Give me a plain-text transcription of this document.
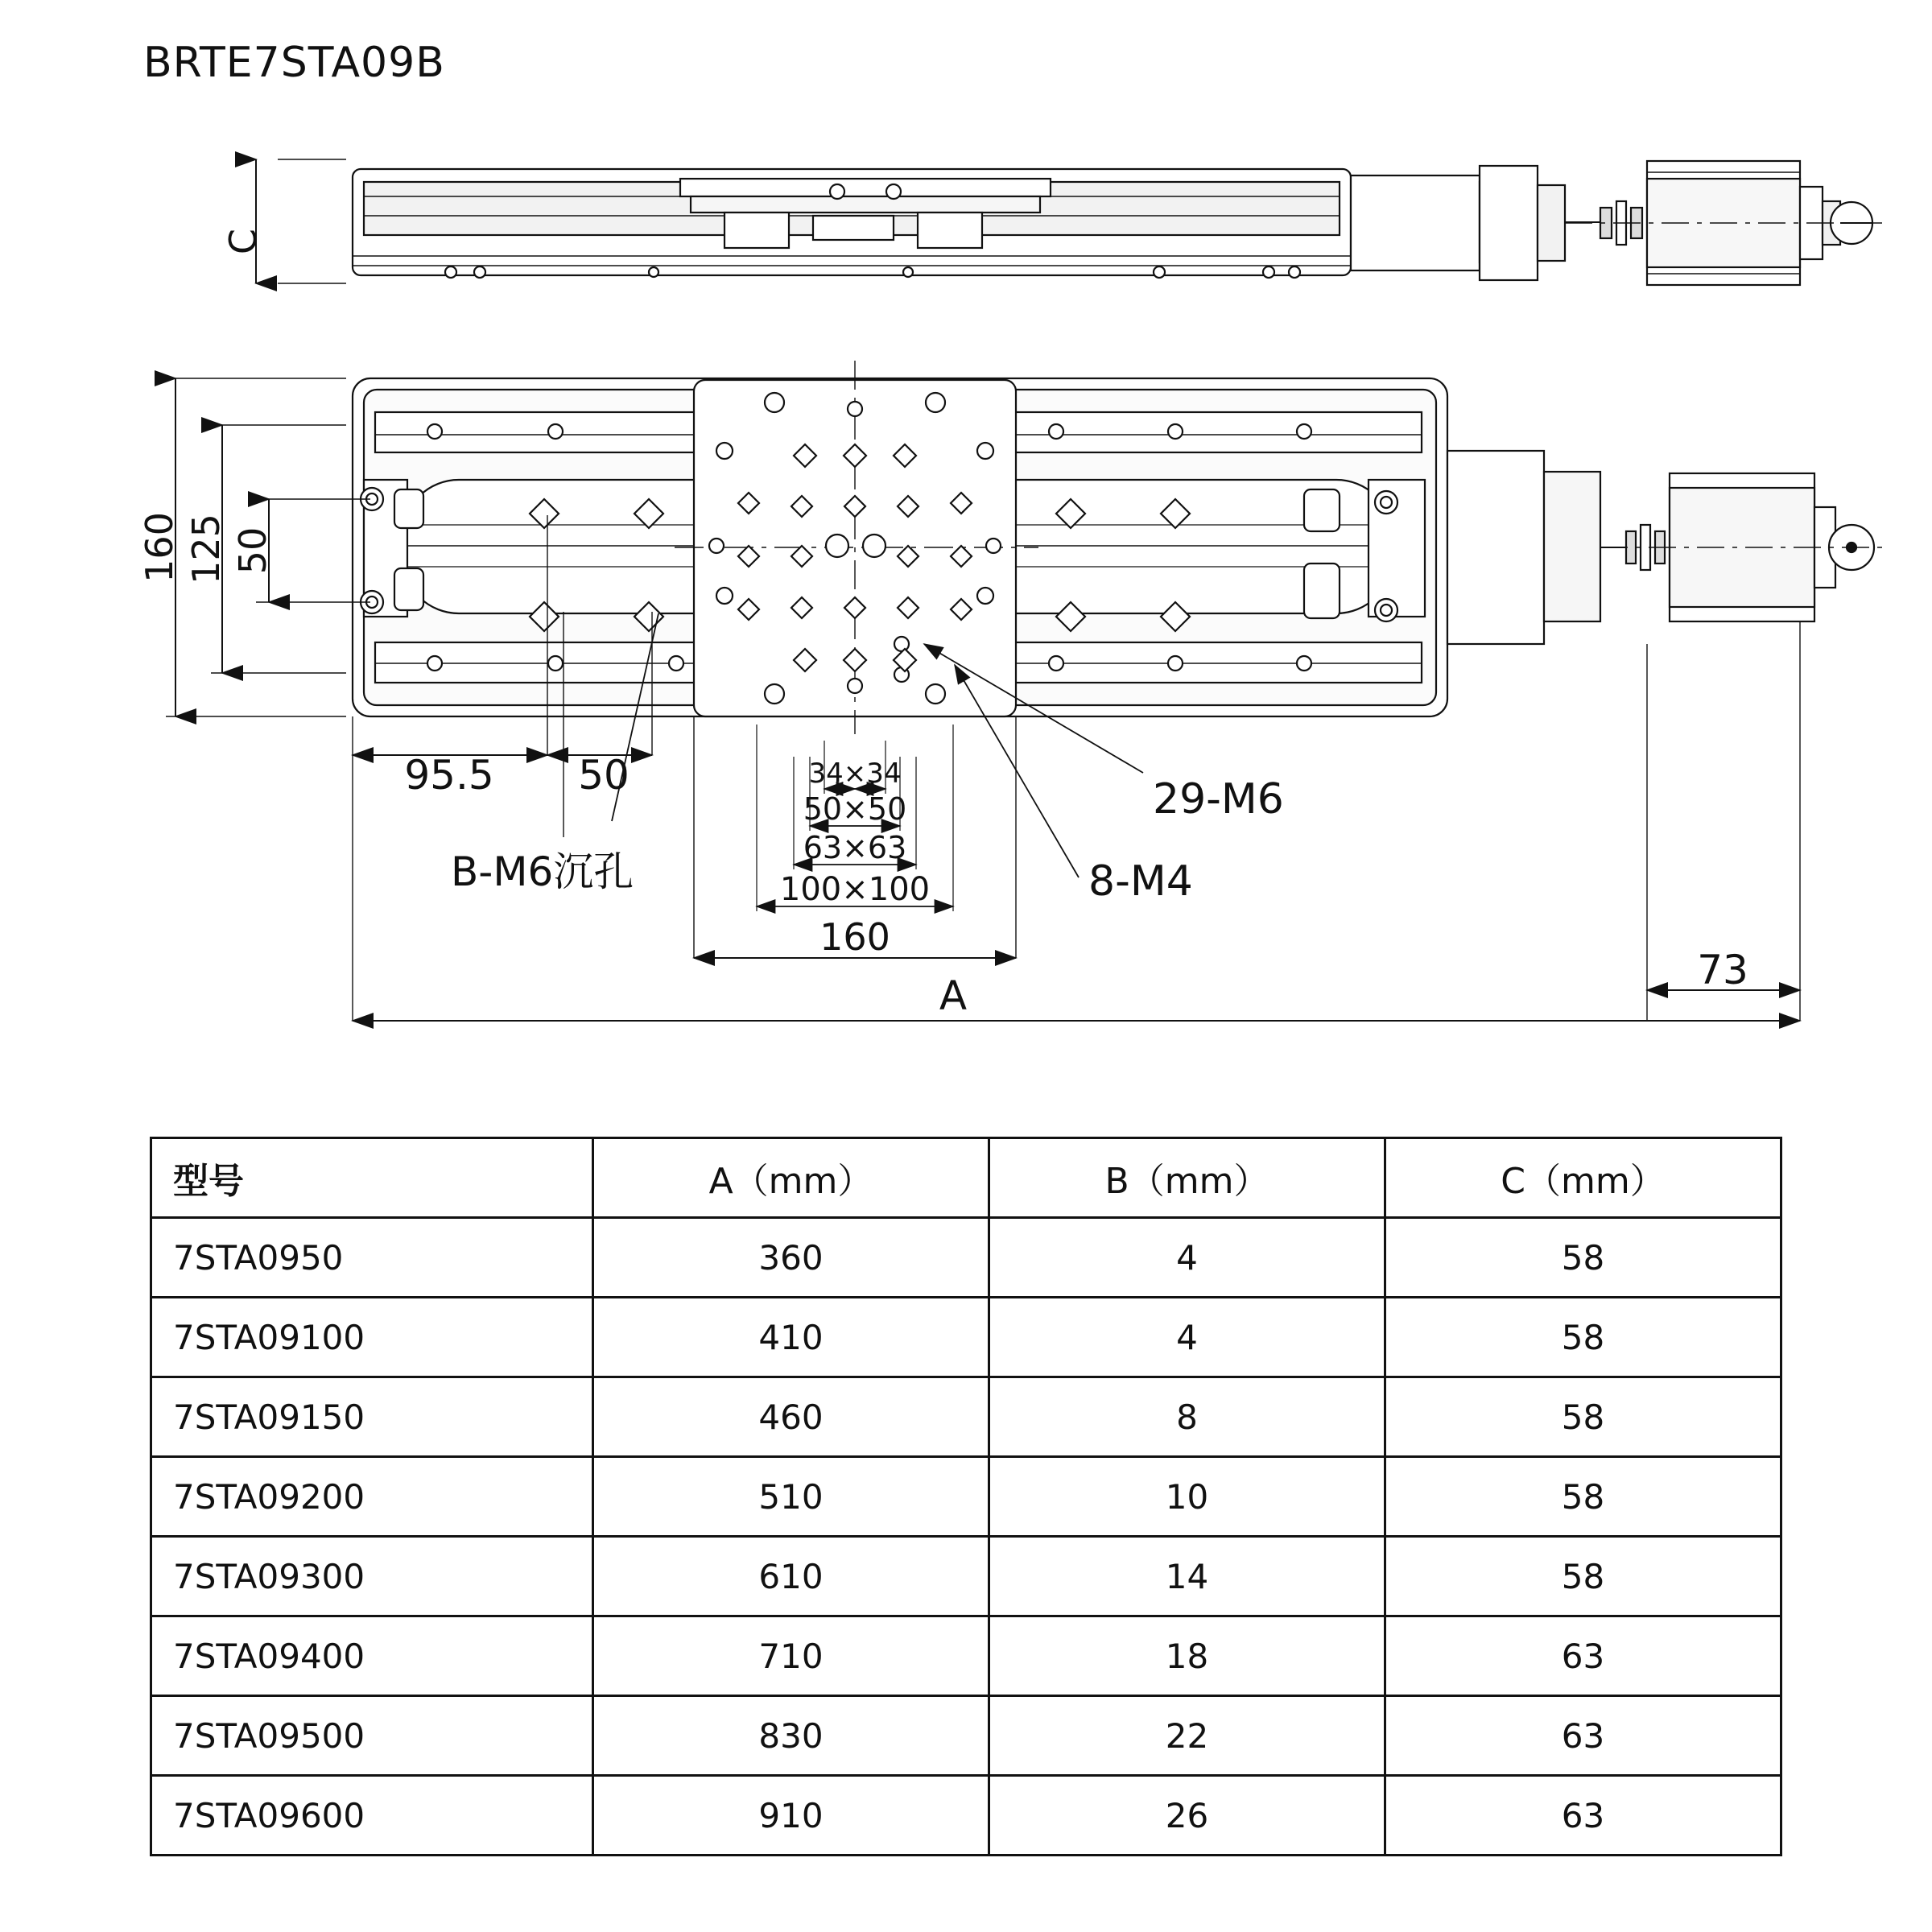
BRTE7STA09B
C
160 125 50
95.5 50	34×34
50×50
63×63
100×100
160
A
73
B-M6沉孔
29-M6
8-M4
型号	A（mm）	B（mm）	C（mm）
7STA0950	360	4	58
7STA09100	410	4	58
7STA09150	460	8	58
7STA09200	510	10	58
7STA09300	610	14	58
7STA09400	710	18	63
7STA09500	830	22	63
7STA09600	910	26	63
